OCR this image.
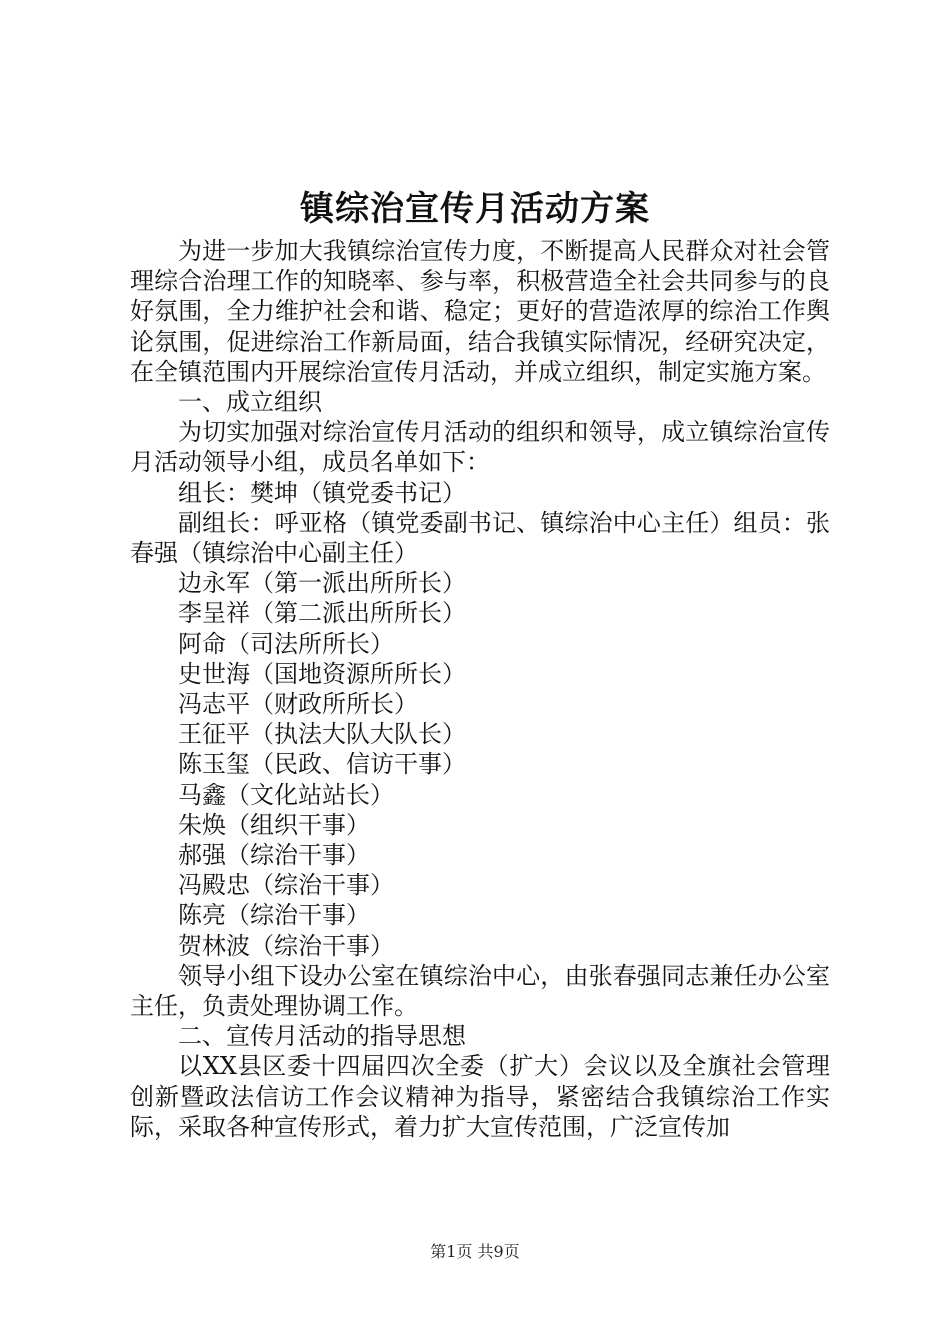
镇综治宣传月活动方案

为进一步加大我镇综治宣传力度，不断提高人民群众对社会管理综合治理工作的知晓率、参与率，积极营造全社会共同参与的良好氛围，全力维护社会和谐、稳定；更好的营造浓厚的综治工作舆论氛围，促进综治工作新局面，结合我镇实际情况，经研究决定，在全镇范围内开展综治宣传月活动，并成立组织，制定实施方案。

一、成立组织

为切实加强对综治宣传月活动的组织和领导，成立镇综治宣传月活动领导小组，成员名单如下：

组长：樊坤（镇党委书记）

副组长：呼亚格（镇党委副书记、镇综治中心主任）组员：张春强（镇综治中心副主任）

边永军（第一派出所所长）

李呈祥（第二派出所所长）

阿命（司法所所长）

史世海（国地资源所所长）

冯志平（财政所所长）

王征平（执法大队大队长）

陈玉玺（民政、信访干事）

马鑫（文化站站长）

朱焕（组织干事）

郝强（综治干事）

冯殿忠（综治干事）

陈亮（综治干事）

贺林波（综治干事）

领导小组下设办公室在镇综治中心，由张春强同志兼任办公室主任，负责处理协调工作。

二、宣传月活动的指导思想

以XX县区委十四届四次全委（扩大）会议以及全旗社会管理创新暨政法信访工作会议精神为指导，紧密结合我镇综治工作实际，采取各种宣传形式，着力扩大宣传范围，广泛宣传加

第1页 共9页
